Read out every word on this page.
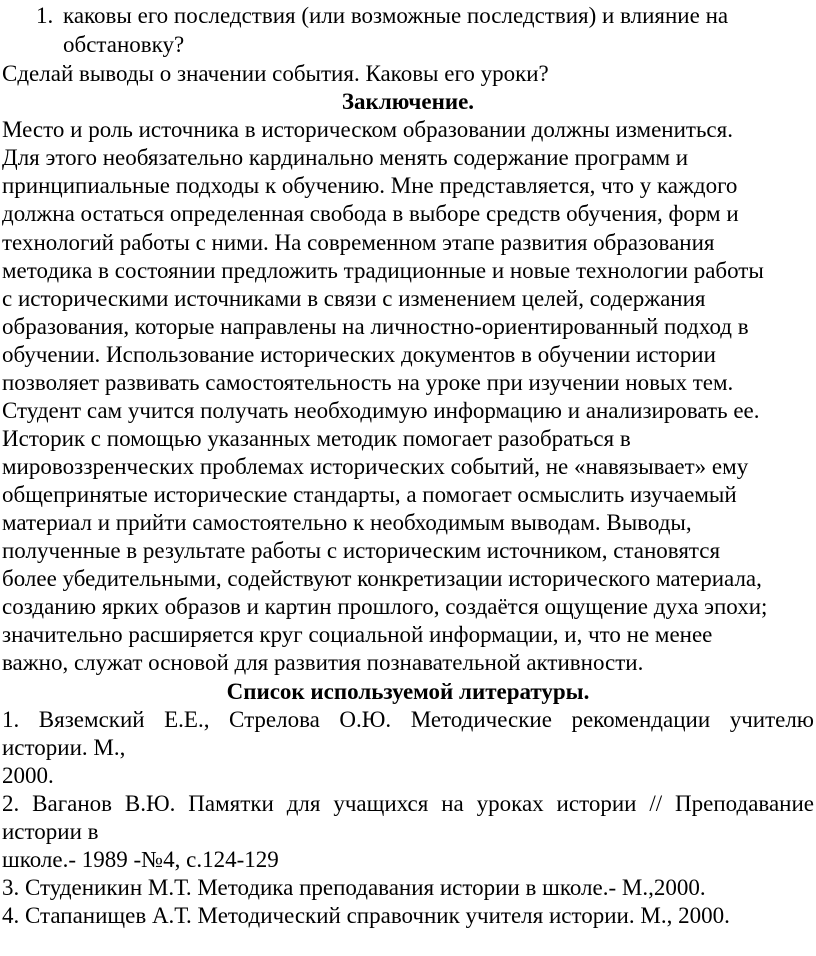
1. каковы его последствия (или возможные последствия) и влияние на
обстановку?
Сделай выводы о значении события. Каковы его уроки?
Заключение.
Место и роль источника в историческом образовании должны измениться.
Для этого необязательно кардинально менять содержание программ и
принципиальные подходы к обучению. Мне представляется, что у каждого
должна остаться определенная свобода в выборе средств обучения, форм и
технологий работы с ними. На современном этапе развития образования
методика в состоянии предложить традиционные и новые технологии работы
с историческими источниками в связи с изменением целей, содержания
образования, которые направлены на личностно-ориентированный подход в
обучении. Использование исторических документов в обучении истории
позволяет развивать самостоятельность на уроке при изучении новых тем.
Студент сам учится получать необходимую информацию и анализировать ее.
Историк с помощью указанных методик помогает разобраться в
мировоззренческих проблемах исторических событий, не «навязывает» ему
общепринятые исторические стандарты, а помогает осмыслить изучаемый
материал и прийти самостоятельно к необходимым выводам. Выводы,
полученные в результате работы с историческим источником, становятся
более убедительными, содействуют конкретизации исторического материала,
созданию ярких образов и картин прошлого, создаётся ощущение духа эпохи;
значительно расширяется круг социальной информации, и, что не менее
важно, служат основой для развития познавательной активности.
Список используемой литературы.
1. Вяземский Е.Е., Стрелова О.Ю. Методические рекомендации учителю
истории. М.,
2000.
2. Ваганов В.Ю. Памятки для учащихся на уроках истории // Преподавание
истории в
школе.- 1989 -№4, с.124-129
3. Студеникин М.Т. Методика преподавания истории в школе.- М.,2000.
4. Стапанищев А.Т. Методический справочник учителя истории. М., 2000.
